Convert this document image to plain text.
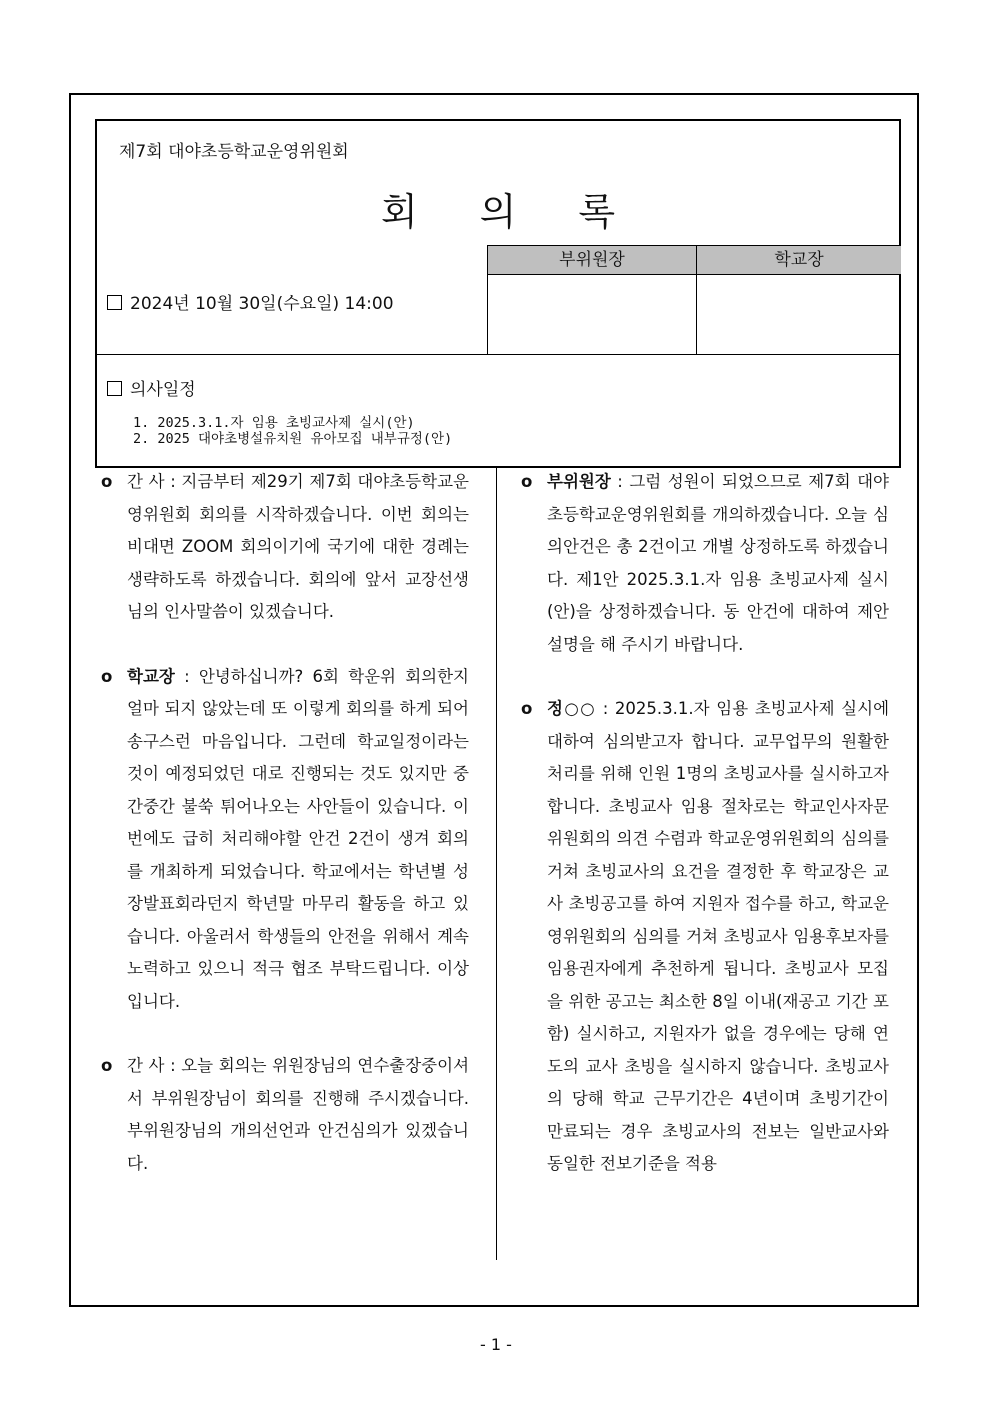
제7회 대야초등학교운영위원회
회의록
2024년 10월 30일(수요일) 14:00
부위원장	학교장
의사일정
1. 2025.3.1.자 임용 초빙교사제 실시(안)
2. 2025 대야초병설유치원 유아모집 내부규정(안)
o 간 사 : 지금부터 제29기 제7회 대야초등학교운영위원회 회의를 시작하겠습니다. 이번 회의는 비대면 ZOOM 회의이기에 국기에 대한 경례는 생략하도록 하겠습니다. 회의에 앞서 교장선생님의 인사말씀이 있겠습니다.
o 학교장 : 안녕하십니까? 6회 학운위 회의한지 얼마 되지 않았는데 또 이렇게 회의를 하게 되어 송구스런 마음입니다. 그런데 학교일정이라는 것이 예정되었던 대로 진행되는 것도 있지만 중간중간 불쑥 튀어나오는 사안들이 있습니다. 이번에도 급히 처리해야할 안건 2건이 생겨 회의를 개최하게 되었습니다. 학교에서는 학년별 성장발표회라던지 학년말 마무리 활동을 하고 있습니다. 아울러서 학생들의 안전을 위해서 계속 노력하고 있으니 적극 협조 부탁드립니다. 이상입니다.
o 간 사 : 오늘 회의는 위원장님의 연수출장중이셔서 부위원장님이 회의를 진행해 주시겠습니다. 부위원장님의 개의선언과 안건심의가 있겠습니다.
o 부위원장 : 그럼 성원이 되었으므로 제7회 대야초등학교운영위원회를 개의하겠습니다. 오늘 심의안건은 총 2건이고 개별 상정하도록 하겠습니다. 제1안 2025.3.1.자 임용 초빙교사제 실시(안)을 상정하겠습니다. 동 안건에 대하여 제안 설명을 해 주시기 바랍니다.
o 정○○ : 2025.3.1.자 임용 초빙교사제 실시에 대하여 심의받고자 합니다. 교무업무의 원활한 처리를 위해 인원 1명의 초빙교사를 실시하고자 합니다. 초빙교사 임용 절차로는 학교인사자문위원회의 의견 수렴과 학교운영위원회의 심의를 거쳐 초빙교사의 요건을 결정한 후 학교장은 교사 초빙공고를 하여 지원자 접수를 하고, 학교운영위원회의 심의를 거쳐 초빙교사 임용후보자를 임용권자에게 추천하게 됩니다. 초빙교사 모집을 위한 공고는 최소한 8일 이내(재공고 기간 포함) 실시하고, 지원자가 없을 경우에는 당해 연도의 교사 초빙을 실시하지 않습니다. 초빙교사의 당해 학교 근무기간은 4년이며 초빙기간이 만료되는 경우 초빙교사의 전보는 일반교사와 동일한 전보기준을 적용
- 1 -
